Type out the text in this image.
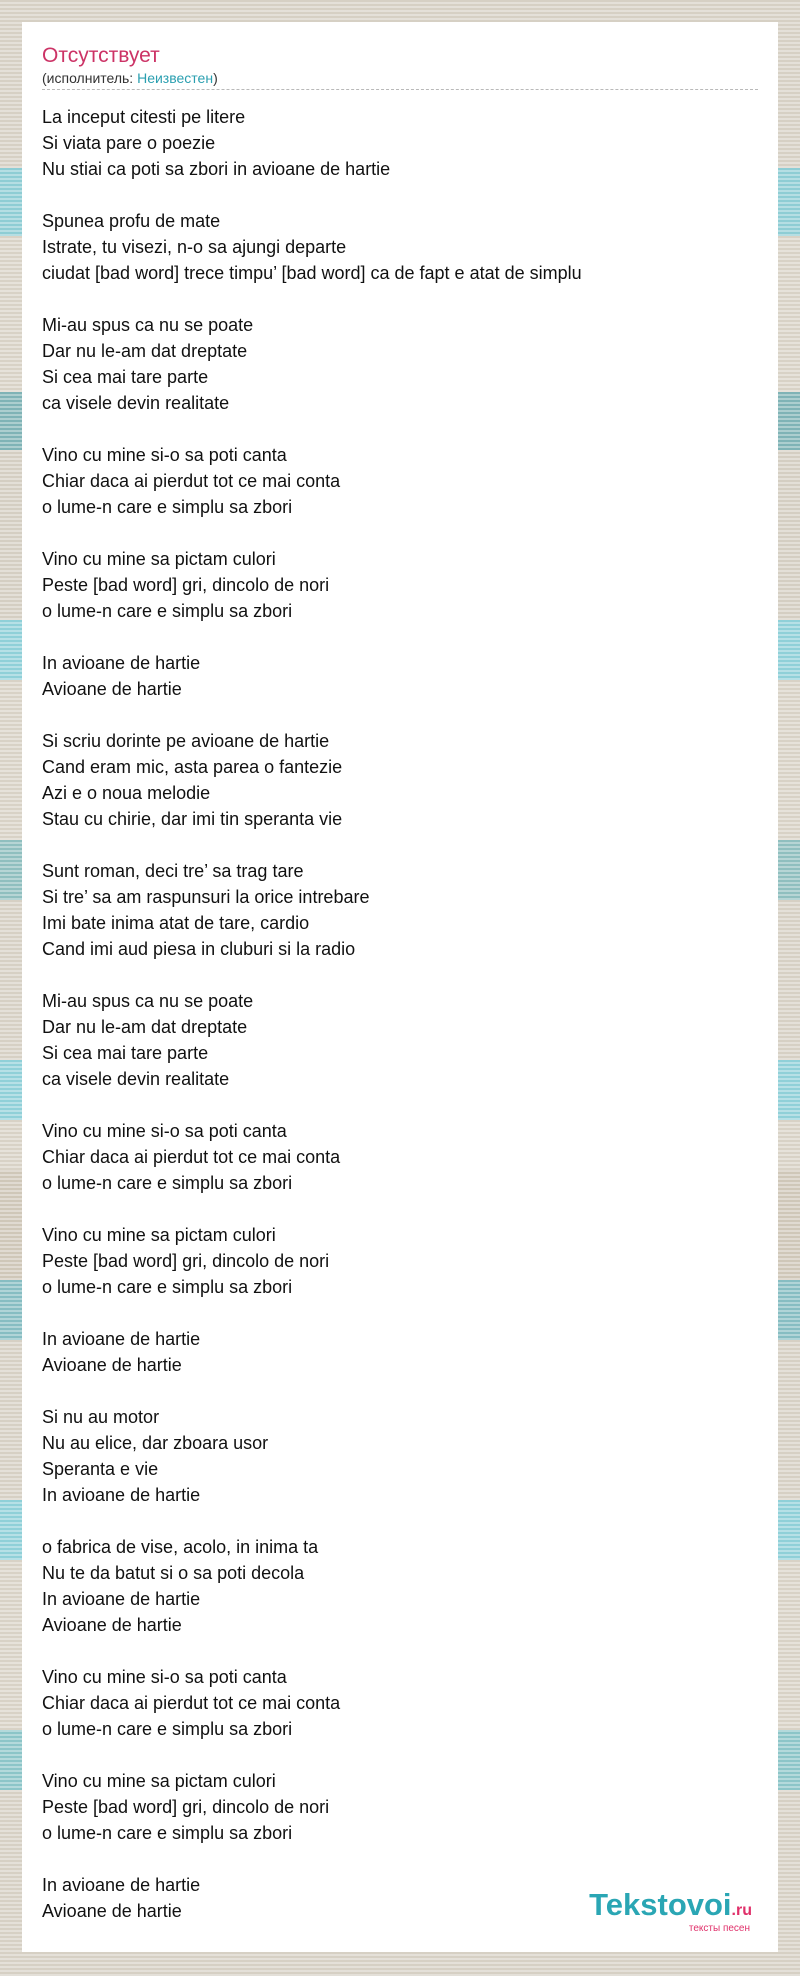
Отсутствует
(исполнитель: Неизвестен)
La inceput citesti pe litere
Si viata pare o poezie
Nu stiai ca poti sa zbori in avioane de hartie
Spunea profu de mate
Istrate, tu visezi, n-o sa ajungi departe
ciudat [bad word] trece timpu’ [bad word] ca de fapt e atat de simplu
Mi-au spus ca nu se poate
Dar nu le-am dat dreptate
Si cea mai tare parte
ca visele devin realitate
Vino cu mine si-o sa poti canta
Chiar daca ai pierdut tot ce mai conta
o lume-n care e simplu sa zbori
Vino cu mine sa pictam culori
Peste [bad word] gri, dincolo de nori
o lume-n care e simplu sa zbori
In avioane de hartie
Avioane de hartie
Si scriu dorinte pe avioane de hartie
Cand eram mic, asta parea o fantezie
Azi e o noua melodie
Stau cu chirie, dar imi tin speranta vie
Sunt roman, deci tre’ sa trag tare
Si tre’ sa am raspunsuri la orice intrebare
Imi bate inima atat de tare, cardio
Cand imi aud piesa in cluburi si la radio
Mi-au spus ca nu se poate
Dar nu le-am dat dreptate
Si cea mai tare parte
ca visele devin realitate
Vino cu mine si-o sa poti canta
Chiar daca ai pierdut tot ce mai conta
o lume-n care e simplu sa zbori
Vino cu mine sa pictam culori
Peste [bad word] gri, dincolo de nori
o lume-n care e simplu sa zbori
In avioane de hartie
Avioane de hartie
Si nu au motor
Nu au elice, dar zboara usor
Speranta e vie
In avioane de hartie
o fabrica de vise, acolo, in inima ta
Nu te da batut si o sa poti decola
In avioane de hartie
Avioane de hartie
Vino cu mine si-o sa poti canta
Chiar daca ai pierdut tot ce mai conta
o lume-n care e simplu sa zbori
Vino cu mine sa pictam culori
Peste [bad word] gri, dincolo de nori
o lume-n care e simplu sa zbori
In avioane de hartie
Avioane de hartie	Tekstovoi.ru
тексты песен
